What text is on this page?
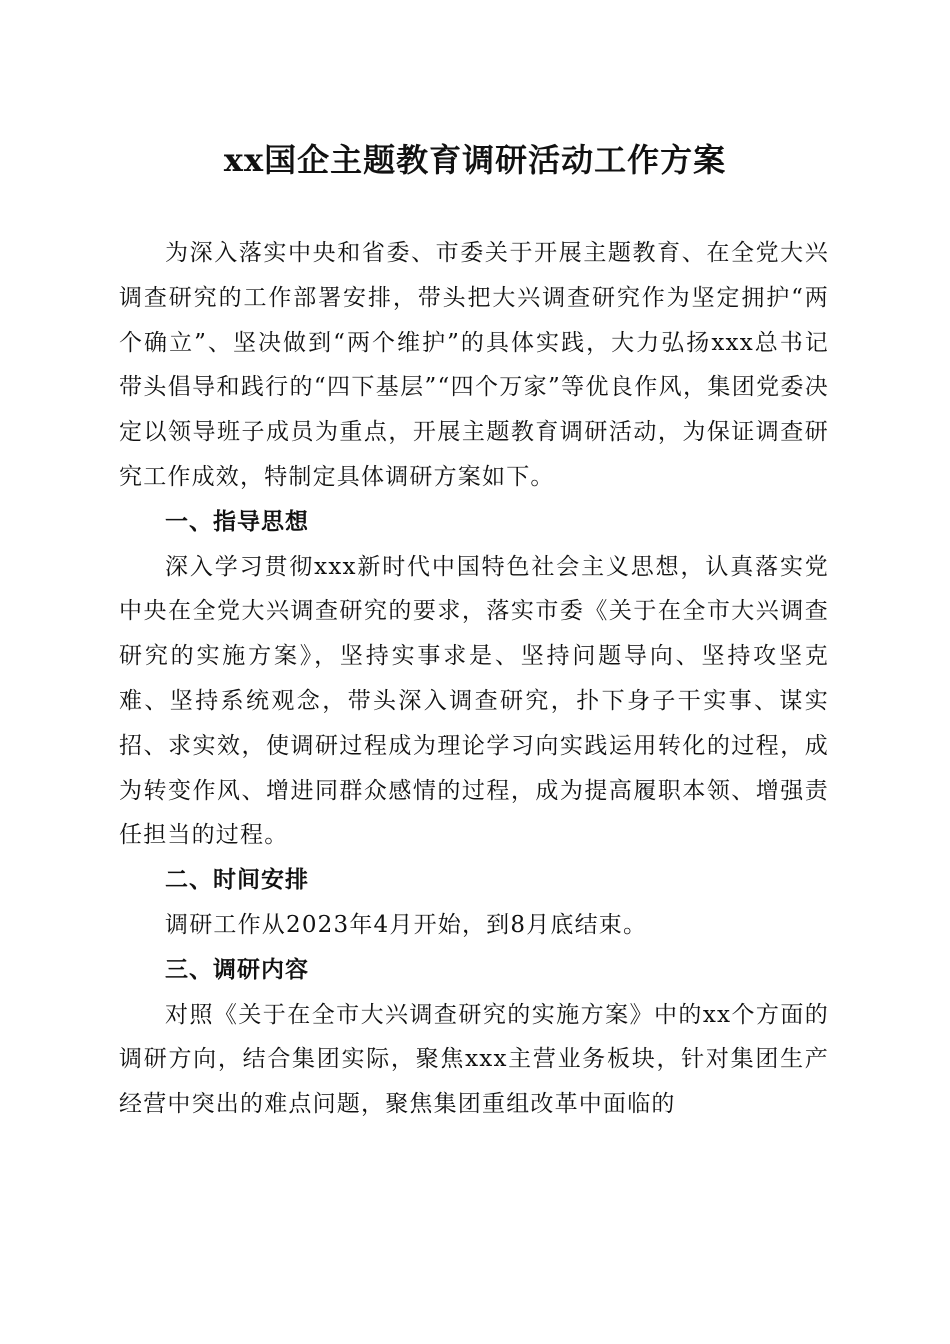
xx国企主题教育调研活动工作方案

为深入落实中央和省委、市委关于开展主题教育、在全党大兴调查研究的工作部署安排，带头把大兴调查研究作为坚定拥护“两个确立”、坚决做到“两个维护”的具体实践，大力弘扬xxx总书记带头倡导和践行的“四下基层”“四个万家”等优良作风，集团党委决定以领导班子成员为重点，开展主题教育调研活动，为保证调查研究工作成效，特制定具体调研方案如下。

一、指导思想

深入学习贯彻xxx新时代中国特色社会主义思想，认真落实党中央在全党大兴调查研究的要求，落实市委《关于在全市大兴调查研究的实施方案》，坚持实事求是、坚持问题导向、坚持攻坚克难、坚持系统观念，带头深入调查研究，扑下身子干实事、谋实招、求实效，使调研过程成为理论学习向实践运用转化的过程，成为转变作风、增进同群众感情的过程，成为提高履职本领、增强责任担当的过程。

二、时间安排

调研工作从2023年4月开始，到8月底结束。

三、调研内容

对照《关于在全市大兴调查研究的实施方案》中的xx个方面的调研方向，结合集团实际，聚焦xxx主营业务板块，针对集团生产经营中突出的难点问题，聚焦集团重组改革中面临的
